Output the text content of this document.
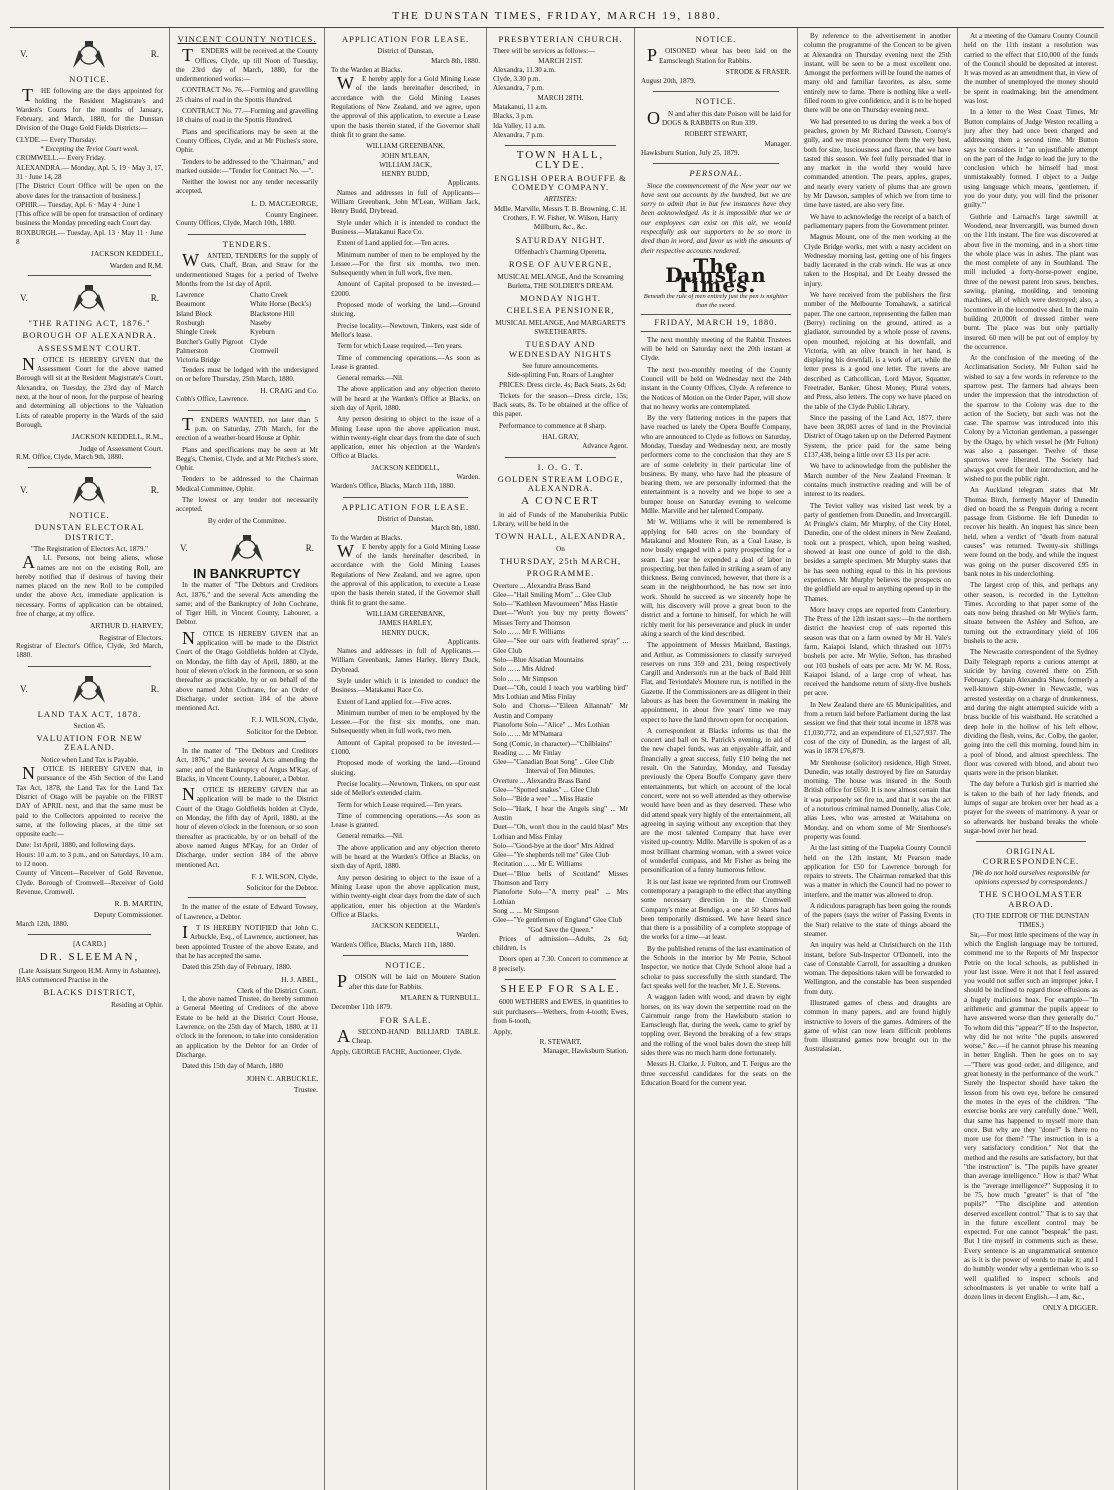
THE DUNSTAN TIMES, FRIDAY, MARCH 19, 1880.
V.	R.
NOTICE.

THE following are the days appointed for holding the Resident Magistrate's and Warden's Courts for the months of January, February, and March, 1880, for the Dunstan Division of the Otago Gold Fields Districts:—

CLYDE.— Every Thursday.
* Excepting the Teviot Court week.
CROMWELL.— Every Friday.
ALEXANDRA.— Monday, Apl. 5, 19 · May 3, 17, 31 · June 14, 28
[The District Court Office will be open on the above dates for the transaction of business.]
OPHIR.— Tuesday, Apl. 6 · May 4 · June 1
[This office will be open for transaction of ordinary business the Monday preceding each Court day.
ROXBURGH.— Tuesday, Apl. 13 · May 11 · June 8
JACKSON KEDDELL,
Warden and R.M.
V.	R.
"THE RATING ACT, 1876."
BOROUGH OF ALEXANDRA.
ASSESSMENT COURT.

NOTICE IS HEREBY GIVEN that the Assessment Court for the above named Borough will sit at the Resident Magistrate's Court, Alexandra, on Tuesday, the 23rd day of March next, at the hour of noon, for the purpose of hearing and determining all objections to the Valuation Lists of rateable property in the Wards of the said Borough.

JACKSON KEDDELL, R.M.,
Judge of Assessment Court.
R.M. Office, Clyde, March 9th, 1880.
V.	R.
NOTICE.
DUNSTAN ELECTORAL DISTRICT.
"The Registration of Electors Act, 1879."

ALL Persons, not being aliens, whose names are not on the existing Roll, are hereby notified that if desirous of having their names placed on the new Roll to be compiled under the above Act, immediate application is necessary. Forms of application can be obtained, free of charge, at my office.

ARTHUR D. HARVEY,
Registrar of Electors.
Registrar of Elector's Office, Clyde, 3rd March, 1880.
V.	R.
LAND TAX ACT, 1878.
Section 45.
VALUATION FOR NEW ZEALAND.
Notice when Land Tax is Payable.

NOTICE IS HEREBY GIVEN that, in pursuance of the 45th Section of the Land Tax Act, 1878, the Land Tax for the Land Tax District of Otago will be payable on the FIRST DAY of APRIL next, and that the same must be paid to the Collectors appointed to receive the same, at the following places, at the time set opposite each:—

Date: 1st April, 1880, and following days.
Hours: 10 a.m. to 3 p.m., and on Saturdays, 10 a.m. to 12 noon.
County of Vincent—Receiver of Gold Revenue, Clyde. Borough of Cromwell—Receiver of Gold Revenue, Cromwell.
R. B. MARTIN,
Deputy Commissioner.
March 12th, 1880.
[A CARD.]
DR. SLEEMAN,
(Late Assistant Surgeon H.M. Army in Ashantee),
HAS commenced Practise in the
BLACKS DISTRICT,
Residing at Ophir.
VINCENT COUNTY NOTICES.

TENDERS will be received at the County Offices, Clyde, up till Noon of Tuesday, the 23rd day of March, 1880, for the undermentioned works:—

CONTRACT No. 76.—Forming and gravelling 25 chains of road in the Spottis Hundred.

CONTRACT No. 77.—Forming and gravelling 18 chains of road in the Spottis Hundred.

Plans and specifications may be seen at the County Offices, Clyde, and at Mr Pitches's store, Ophir.

Tenders to be addressed to the "Chairman," and marked outside:—"Tender for Contract No. —".

Neither the lowest nor any tender necessarily accepted.

L. D. MACGEORGE,
County Engineer.
County Offices, Clyde, March 10th, 1880.
TENDERS.

WANTED, TENDERS for the supply of Oats, Chaff, Bran, and Straw for the undermentioned Stages for a period of Twelve Months from the 1st day of April.

Lawrence	Chatto Creek
Beaumont	White Horse (Beck's)
Island Block	Blackstone Hill
Roxburgh	Naseby
Shingle Creek	Kyeburn
Butcher's Gully Pigroot Clyde
Palmerston	Cromwell
Victoria Bridge

Tenders must be lodged with the undersigned on or before Thursday, 25th March, 1880.

H. CRAIG and Co.
Cobb's Office, Lawrence.

TENDERS WANTED, not later than 5 p.m. on Saturday, 27th March, for the erection of a weather-board House at Ophir.

Plans and specifications may be seen at Mr Begg's, Chemist, Clyde, and at Mr Pitches's store, Ophir.

Tenders to be addressed to the Chairman Medical Committee, Ophir.

The lowest or any tender not necessarily accepted.

By order of the Committee.
V.	R.
IN BANKRUPTCY

In the matter of "The Debtors and Creditors Act, 1876," and the several Acts amending the same; and of the Bankruptcy of John Cochrane, of Tiger Hill, in Vincent County, Labourer, a Debtor.

NOTICE IS HEREBY GIVEN that an application will be made to the District Court of the Otago Goldfields holden at Clyde, on Monday, the fifth day of April, 1880, at the hour of eleven o'clock in the forenoon, or so soon thereafter as practicable, by or on behalf of the above named John Cochrane, for an Order of Discharge, under section 184 of the above mentioned Act.

F. J. WILSON, Clyde,
Solicitor for the Debtor.

In the matter of "The Debtors and Creditors Act, 1876," and the several Acts amending the same; and of the Bankruptcy of Angus M'Kay, of Blacks, in Vincent County, Labourer, a Debtor.

NOTICE IS HEREBY GIVEN that an application will be made to the District Court of the Otago Goldfields holden at Clyde, on Monday, the fifth day of April, 1880, at the hour of eleven o'clock in the forenoon, or so soon thereafter as practicable, by or on behalf of the above named Angus M'Kay, for an Order of Discharge, under section 184 of the above mentioned Act.

F. J. WILSON, Clyde,
Solicitor for the Debtor.

In the matter of the estate of Edward Towsey, of Lawrence, a Debtor.

IT IS HEREBY NOTIFIED that John C. Arbuckle, Esq., of Lawrence, auctioneer, has been appointed Trustee of the above Estate, and that he has accepted the same.

Dated this 25th day of February, 1880.

H. J. ABEL,
Clerk of the District Court.

I, the above named Trustee, do hereby summon a General Meeting of Creditors of the above Estate to be held at the District Court House, Lawrence, on the 25th day of March, 1880, at 11 o'clock in the forenoon, to take into consideration an application by the Debtor for an Order of Discharge.

Dated this 15th day of March, 1880

JOHN C. ARBUCKLE,
Trustee.
APPLICATION FOR LEASE.
District of Dunstan,
March 8th, 1880.
To the Warden at Blacks.

WE hereby apply for a Gold Mining Lease of the lands hereinafter described, in accordance with the Gold Mining Leases Regulations of New Zealand, and we agree, upon the approval of this application, to execute a Lease upon the basis therein stated, if the Governor shall think fit to grant the same.

WILLIAM GREENBANK,
JOHN M'LEAN,
WILLIAM JACK,
HENRY BUDD,
Applicants.

Names and addresses in full of Applicants—William Greenbank, John M'Lean, William Jack, Henry Budd, Drybread.

Style under which it is intended to conduct the Business.—Matakanui Race Co.

Extent of Land applied for.—Ten acres.

Minimum number of men to be employed by the Lessee.—For the first six months, two men. Subsequently when in full work, five men.

Amount of Capital proposed to be invested.—£2000.

Proposed mode of working the land.—Ground sluicing.

Precise locality.—Newtown, Tinkers, east side of Mellor's lease.

Term for which Lease required.—Ten years.

Time of commencing operations.—As soon as Lease is granted.

General remarks.—Nil.

The above application and any objection thereto will be heard at the Warden's Office at Blacks, on sixth day of April, 1880.

Any person desiring to object to the issue of a Mining Lease upon the above application must, within twenty-eight clear days from the date of such application, enter his objection at the Warden's Office at Blacks.

JACKSON KEDDELL,
Warden.
Warden's Office, Blacks, March 11th, 1880.
APPLICATION FOR LEASE.
District of Dunstan,
March 8th, 1880.
To the Warden at Blacks.

WE hereby apply for a Gold Mining Lease of the lands hereinafter described, in accordance with the Gold Mining Leases Regulations of New Zealand, and we agree, upon the approval of this application, to execute a Lease upon the basis therein stated, if the Governor shall think fit to grant the same.

WILLIAM GREENBANK,
JAMES HARLEY,
HENRY DUCK,
Applicants.

Names and addresses in full of Applicants.—William Greenbank, James Harley, Henry Duck, Drybread.

Style under which it is intended to conduct the Business.—Matakanui Race Co.

Extent of Land applied for.—Five acres.

Minimum number of men to be employed by the Lessee.—For the first six months, one man. Subsequently when in full work, two men.

Amount of Capital proposed to be invested.—£1000.

Proposed mode of working the land.—Ground sluicing.

Precise locality.—Newtown, Tinkers, on spur east side of Mellor's extended claim.

Term for which Lease required.—Ten years.

Time of commencing operations.—As soon as Lease is granted.

General remarks.—Nil.

The above application and any objection thereto will be heard at the Warden's Office at Blacks, on sixth day of April, 1880.

Any person desiring to object to the issue of a Mining Lease upon the above application must, within twenty-eight clear days from the date of such application, enter his objection at the Warden's Office at Blacks.

JACKSON KEDDELL,
Warden.
Warden's Office, Blacks, March 11th, 1880.
NOTICE.

POISON will be laid on Moutere Station after this date for Rabbits.

M'LAREN & TURNBULL.
December 11th 1879.
FOR SALE.

ASECOND-HAND BILLIARD TABLE. Cheap.

Apply, GEORGE FACHE, Auctioneer, Clyde.
PRESBYTERIAN CHURCH.
There will be services as follows:—
MARCH 21ST.
Alexandra, 11.30 a.m.
Clyde, 3.30 p.m.
Alexandra, 7 p.m.
MARCH 28TH.
Matakanui, 11 a.m.
Blacks, 3 p.m.
Ida Valley, 11 a.m.
Alexandra, 7 p.m.
TOWN HALL, CLYDE.
ENGLISH OPERA BOUFFE & COMEDY COMPANY.
ARTISTES:
Mdlle. Marville, Messrs T. B. Browning, C. H. Crothers, F. W. Fisher, W. Wilson, Harry Millburn, &c., &c.
SATURDAY NIGHT.
Offenbach's Charming Operetta,
ROSE OF AUVERGNE,
MUSICAL MELANGE, And the Screaming Burletta, THE SOLDIER'S DREAM.
MONDAY NIGHT.
CHELSEA PENSIONER,
MUSICAL MELANGE, And MARGARET'S SWEETHEARTS.
TUESDAY AND WEDNESDAY NIGHTS
See future announcements.
Side-splitting Fun. Roars of Laughter

PRICES: Dress circle, 4s; Back Seats, 2s 6d;

Tickets for the season—Dress circle, 15s; Back seats, 8s. To be obtained at the office of this paper.

Performance to commence at 8 sharp.

HAL GRAY,
Advance Agent.
I. O. G. T.
GOLDEN STREAM LODGE, ALEXANDRA.
A CONCERT

in aid of Funds of the Manuherikia Public Library, will be held in the

TOWN HALL, ALEXANDRA,
On
THURSDAY, 25th MARCH,
PROGRAMME.
Overture ... Alexandra Brass Band
Glee—"Hail Smiling Morn" ... Glee Club
Solo—"Kathleen Mavourneen" Miss Hastie
Duet—"Won't you buy my pretty flowers" Misses Terry and Thomson
Solo ... ... Mr F. Williams
Glee—"See our oars with feathered spray" ... Glee Club
Solo—Blue Alsatian Mountains
Solo ... ... Mrs Aldred
Solo ... ... Mr Simpson
Duet—"Oh, could I teach you warbling bird" Mrs Lothian and Miss Finlay
Solo and Chorus—"Eileen Allannah" Mr Austin and Company
Pianoforte Solo—"Alice" ... Mrs Lothian
Solo ... ... Mr M'Namara
Song (Comic, in character)—"Chilblains"
Reading ... ... Mr Finlay
Glee—"Canadian Boat Song" .. Glee Club
Interval of Ten Minutes.
Overture ... Alexandra Brass Band
Glee—"Spotted snakes" ... Glee Club
Solo—"Bide a wee" ... Miss Hastie
Solo—"Hark, I hear the Angels sing" ... Mr Austin
Duet—"Oh, won't thou in the cauld blast" Mrs Lothian and Miss Finlay
Solo—"Good-bye at the door" Mrs Aldred
Glee—"Ye shepherds tell me" Glee Club
Recitation ... ... Mr E. Williams
Duet—"Blue bells of Scotland" Misses Thomson and Terry
Pianoforte Solo—"A merry peal" ... Mrs Lothian
Song ... ... Mr Simpson
Glee—"Ye gentlemen of England" Glee Club
"God Save the Queen."

Prices of admission—Adults, 2s 6d; children, 1s

Doors open at 7.30. Concert to commence at 8 precisely.

SHEEP FOR SALE.

6000 WETHERS and EWES, in quantities to suit purchasers—Wethers, from 4-tooth; Ewes, from 6-tooth,

Apply,
R. STEWART,
Manager, Hawksburn Station.
NOTICE.

POISONED wheat has been laid on the Earnscleugh Station for Rabbits.

STRODE & FRASER.
August 20th, 1879.
NOTICE.

ON and after this date Poison will be laid for DOGS & RABBITS on Run 339.

ROBERT STEWART,
Manager.
Hawksburn Station, July 25, 1879.
PERSONAL.

Since the commencement of the New year our we have sent out accounts by the hundred, but we are sorry to admit that in but few instances have they been acknowledged. As it is impossible that we or our employees can exist on this air, we would respectfully ask our supporters to be so more in deed than in word, and favor us with the amounts of their respective accounts rendered.

The Dunstan Times.
Beneath the rule of men entirely just the pen is mightier than the sword.
FRIDAY, MARCH 19, 1880.

The next monthly meeting of the Rabbit Trustees will be held on Saturday next the 20th instant at Clyde.

The next two-monthly meeting of the County Council will be held on Wednesday next the 24th instant in the County Offices, Clyde. A reference to the Notices of Motion on the Order Paper, will show that no heavy works are contemplated.

By the very flattering notices in the papers that have reached us lately the Opera Bouffe Company, who are announced to Clyde as follows on Saturday, Monday, Tuesday and Wednesday next, are mostly performers come to the conclusion that they are S are of some celebrity in their particular line of business. By many, who have had the pleasure of hearing them, we are personally informed that the entertainment is a novelty and we hope to see a bumper house on Saturday evening to welcome Mdlle. Marville and her talented Company.

Mr W. Williams who it will be remembered is applying for 640 acres on the boundary of Matakanui and Moutere Run, as a Coal Lease, is now busily engaged with a party prospecting for a seam. Last year he expended a deal of labor in prospecting, but then failed in striking a seam of any thickness. Being convinced, however, that there is a seam in the neighbourhood, he has now set into work. Should he succeed as we sincerely hope he will, his discovery will prove a great boon to the district and a fortune to himself, for which he will richly merit for his perseverance and pluck in under aking a search of the kind described.

The appointment of Messrs Maitland, Bastings, and Arthur, as Commissioners to classify surveyed reserves on runs 359 and 231, being respectively Cargill and Anderson's run at the back of Bald Hill Flat, and Teviotdale's Moutere run, is notified in the Gazette. If the Commissioners are as diligent in their labours as has been the Government in making the appointment, in about five years' time we may expect to have the land thrown open for occupation.

A correspondent at Blacks informs us that the concert and ball on St. Patrick's evening, in aid of the new chapel funds, was an enjoyable affair, and financially a great success, fully £10 being the net result. On the Saturday, Monday, and Tuesday previously the Opera Bouffe Company gave there entertainments, but which on account of the local concert, were not so well attended as they otherwise would have been and as they deserved. These who did attend speak very highly of the entertainment, all agreeing in saying without any exception that they are the most talented Company that have ever visited up-country. Mdlle. Marville is spoken of as a most brilliant charming woman, with a sweet voice of wonderful compass, and Mr Fisher as being the personification of a funny humorous fellow.

It is our last issue we reprinted from our Cromwell contemporary a paragraph to the effect that anything some necessary direction in the Cromwell Company's mine at Bendigo, a one at 50 shares had been temporarily dismissed. We have heard since that there is a possibility of a complete stoppage of the works for a time—at least.

By the published returns of the last examination of the Schools in the interior by Mr Petrie, School Inspector, we notice that Clyde School alone had a scholar to pass successfully the sixth standard. The fact speaks well for the teacher, Mr J. E. Stevens.

A waggon laden with wood, and drawn by eight horses, on its way down the serpentine road on the Cairnmuir range from the Hawksburn station to Earnscleugh flat, during the week, came to grief by toppling over. Beyond the breaking of a few straps and the rolling of the wool bales down the steep hill sides there was no much harm done fortunately.

Messrs H. Clarke, J. Fulton, and T. Fergus are the three successful candidates for the seats on the Education Board for the current year.

By reference to the advertisement in another column the programme of the Concert to be given at Alexandra on Thursday evening next the 25th instant, will be seen to be a most excellent one. Amongst the performers will be found the names of many old and familiar favorites, as also, some entirely new to fame. There is nothing like a well-filled room to give confidence, and it is to be hoped there will be one on Thursday evening next.

We had presented to us during the week a box of peaches, grown by Mr Richard Dawson, Conroy's gully, and we must pronounce them the very best, both for size, lusciousness and flavor, that we have tasted this season. We feel fully persuaded that in any market in the world they would have commanded attention. The pears, apples, grapes, and nearly every variety of plums that are grown by Mr Dawson, samples of which we from time to time have tasted, are also very fine.

We have to acknowledge the receipt of a batch of parliamentary papers from the Government printer.

Magnus Mount, one of the men working at the Clyde Bridge works, met with a nasty accident on Wednesday morning last, getting one of his fingers badly lacerated in the crab winch. He was at once taken to the Hospital, and Dr Leahy dressed the injury.

We have received from the publishers the first number of the Melbourne Tomahawk, a satirical paper. The one cartoon, representing the fallen man (Berry) reclining on the ground, attired as a gladiator, surrounded by a whole posse of ravens, open mouthed, rejoicing at his downfall, and Victoria, with an olive branch in her hand, is displaying his downfall, is a work of art, while the letter press is a good one letter. The ravens are described as Cathcollican, Lord Mayor, Squatter, Freetrader, Banker, Ghost Money, Plural voters, and Press, also letters. The copy we have placed on the table of the Clyde Public Library.

Since the passing of the Land Act, 1877, there have been 38,083 acres of land in the Provincial District of Otago taken up on the Deferred Payment System, the price paid for the same being £137,438, being a little over £3 11s per acre.

We have to acknowledge from the publisher the March number of the New Zealand Freeman. It contains much instructive reading and will be of interest to its readers.

The Teviot valley was visited last week by a party of gentlemen from Dunedin, and Invercargill. At Pringle's claim, Mr Murphy, of the City Hotel, Dunedin, one of the oldest miners in New Zealand, took out a prospect, which, upon being washed, showed at least one ounce of gold to the dish, besides a sample specimen. Mr Murphy states that he has seen nothing equal to this in his previous experience. Mr Murphy believes the prospects on the goldfield are equal to anything opened up in the Thames.

More heavy crops are reported from Canterbury. The Press of the 12th instant says:—In the northern district the heaviest crop of oats reported this season was that on a farm owned by Mr H. Vale's farm, Kaiapoi Island, which thrashed out 107½ bushels per acre. Mr Wylie, Sefton, has thrashed out 103 bushels of oats per acre. Mr W. M. Ross, Kaiapoi Island, of a large crop of wheat, has received the handsome return of sixty-five bushels per acre.

In New Zealand there are 65 Municipalities, and from a return laid before Parliament during the last session we find that their total income in 1878 was £1,030,772, and an expenditure of £1,527,937. The cost of the city of Dunedin, as the largest of all, was in 1878 £76,879.

Mr Stenhouse (solicitor) residence, High Street, Dunedin, was totally destroyed by fire on Saturday morning. The house was insured in the South British office for £650. It is now almost certain that it was purposely set fire to, and that it was the act of a notorious criminal named Donnelly, alias Cole, alias Lees, who was arrested at Waitahuna on Monday, and on whom some of Mr Stenhouse's property was found.

At the last sitting of the Tuapeka County Council held on the 12th instant, Mr Pearson made application for £50 for Lawrence borough for repairs to streets. The Chairman remarked that this was a matter in which the Council had no power to interfere, and the matter was allowed to drop.

A ridiculous paragraph has been going the rounds of the papers (says the writer of Passing Events in the Star) relative to the state of things aboard the steamer.

An inquiry was held at Christchurch on the 11th instant, before Sub-Inspector O'Donnell, into the case of Constable Carroll, for assaulting a drunken woman. The depositions taken will be forwarded to Wellington, and the constable has been suspended from duty.

Illustrated games of chess and draughts are common in many papers, and are found highly instructive to lovers of the games. Admirers of the game of whist can now learn difficult problems from illustrated games now brought out in the Australasian.

At a meeting of the Oamaru County Council held on the 11th instant a resolution was carried to the effect that £10,000 of the funds of the Council should be deposited at interest. It was moved as an amendment that, in view of the number of unemployed the money should be spent in roadmaking; but the amendment was lost.

In a letter to the West Coast Times, Mr Button complains of Judge Weston recalling a jury after they had once been charged and addressing them a second time. Mr Button says he considers it "an unjustifiable attempt on the part of the Judge to lead the jury to the conclusion which he himself had most unmistakeably formed. I object to a Judge using language which means, 'gentlemen, if you do your duty, you will find the prisoner guilty.'"

Guthrie and Larnach's large sawmill at Woodend, near Invercargill, was burned down on the 11th instant. The fire was discovered at about five in the morning, and in a short time the whole place was in ashes. The plant was the most complete of any in Southland. The mill included a forty-horse-power engine, three of the newest patent iron saws, benches, sawing, planing, moulding, and tenoning machines, all of which were destroyed; also, a locomotive in the locomotive shed. In the main building 20,000ft of dressed timber were burnt. The place was but only partially insured. 60 men will be put out of employ by the occurrence.

At the conclusion of the meeting of the Acclimatisation Society, Mr Fulton said he wished to say a few words in reference to the sparrow pest. The farmers had always been under the impression that the introduction of the sparrow to the Colony was due to the action of the Society, but such was not the case. The sparrow was introduced into this Colony by a Victorian gentleman, a passenger by the Otago, by which vessel he (Mr Fulton) was also a passenger. Twelve of these sparrows were liberated. The Society had always got credit for their introduction, and he wished to put the public right.

An Auckland telegram states that Mr Thomas Birch, formerly Mayor of Dunedin died on board the ss Penguin during a recent passage from Gisborne. He left Dunedin to recover his health. An inquest has since been held, when a verdict of "death from natural causes" was returned. Twenty-six shillings were found on the body, and while the inquest was going on the purser discovered £95 in bank notes in his underclothing.

The largest crop of this, and perhaps any other season, is recorded in the Lyttelton Times. According to that paper some of the oats now being thrashed on Mr Wylie's farm, situate between the Ashley and Sefton, are turning out the extraordinary yield of 106 bushels to the acre.

The Newcastle correspondent of the Sydney Daily Telegraph reports a curious attempt at suicide by having covered there on 25th February. Captain Alexandra Shaw, formerly a well-known ship-owner in Newcastle, was arrested yesterday on a charge of drunkenness, and during the night attempted suicide with a brass buckle of his waistband. He scratched a deep hole in the hollow of his left elbow, dividing the flesh, veins, &c. Colby, the gaoler, going into the cell this morning, found him in a pool of blood, and almost speechless. The floor was covered with blood, and about two quarts were in the prison blanket.

The day before a Turkish girl is married she is taken to the bath of her lady friends, and lumps of sugar are broken over her head as a prayer for the sweets of matrimony. A year or so afterwards her husband breaks the whole sugar-bowl over her head.

ORIGINAL CORRESPONDENCE.
[We do not hold ourselves responsible for opinions expressed by correspondents.]
THE SCHOOLMASTER ABROAD.
(TO THE EDITOR OF THE DUNSTAN TIMES.)

Sir,—For most little specimens of the way in which the English language may be tortured, commend me to the Reports of Mr Inspector Petrie on the local schools, as published in your last issue. Were it not that I feel assured you would not suffer such an improper joke, I should be inclined to regard those effusions as a hugely malicious hoax. For example—"In arithmetic and grammar the pupils appear to have answered worse than they generally do." To whom did this "appear?" If to the Inspector, why did he not write "the pupils answered worse," &c.—if he cannot phrase his meaning in better English. Then he goes on to say—"There was good order, and diligence, and great honesty in the performance of the work." Surely the Inspector should have taken the lesson from his own eye, before he censured the motes in the eyes of the children. "The exercise books are very carefully done." Well, that same has happened to myself more than once. But why are they "done?" Is there no more use for them? "The instruction in is a very satisfactory condition." Not that the method and the results are satisfactory, but that "the instruction" is. "The pupils have greater than average intelligence." How is that? What is the "average intelligence?" Supposing it to be 75, how much "greater" is that of "the pupils?" "The discipline and attention deserved excellent control." That is to say that in the future excellent control may be expected. For one cannot "bespeak" the past. But I tire myself in comments such as these. Every sentence is an ungrammatical sentence as is it is the power of words to make it; and I do humbly wonder why a gentleman who is so well qualified to inspect schools and schoolmasters is yet unable to write half a dozen lines in decent English.—I am, &c.,

ONLY A DIGGER.
